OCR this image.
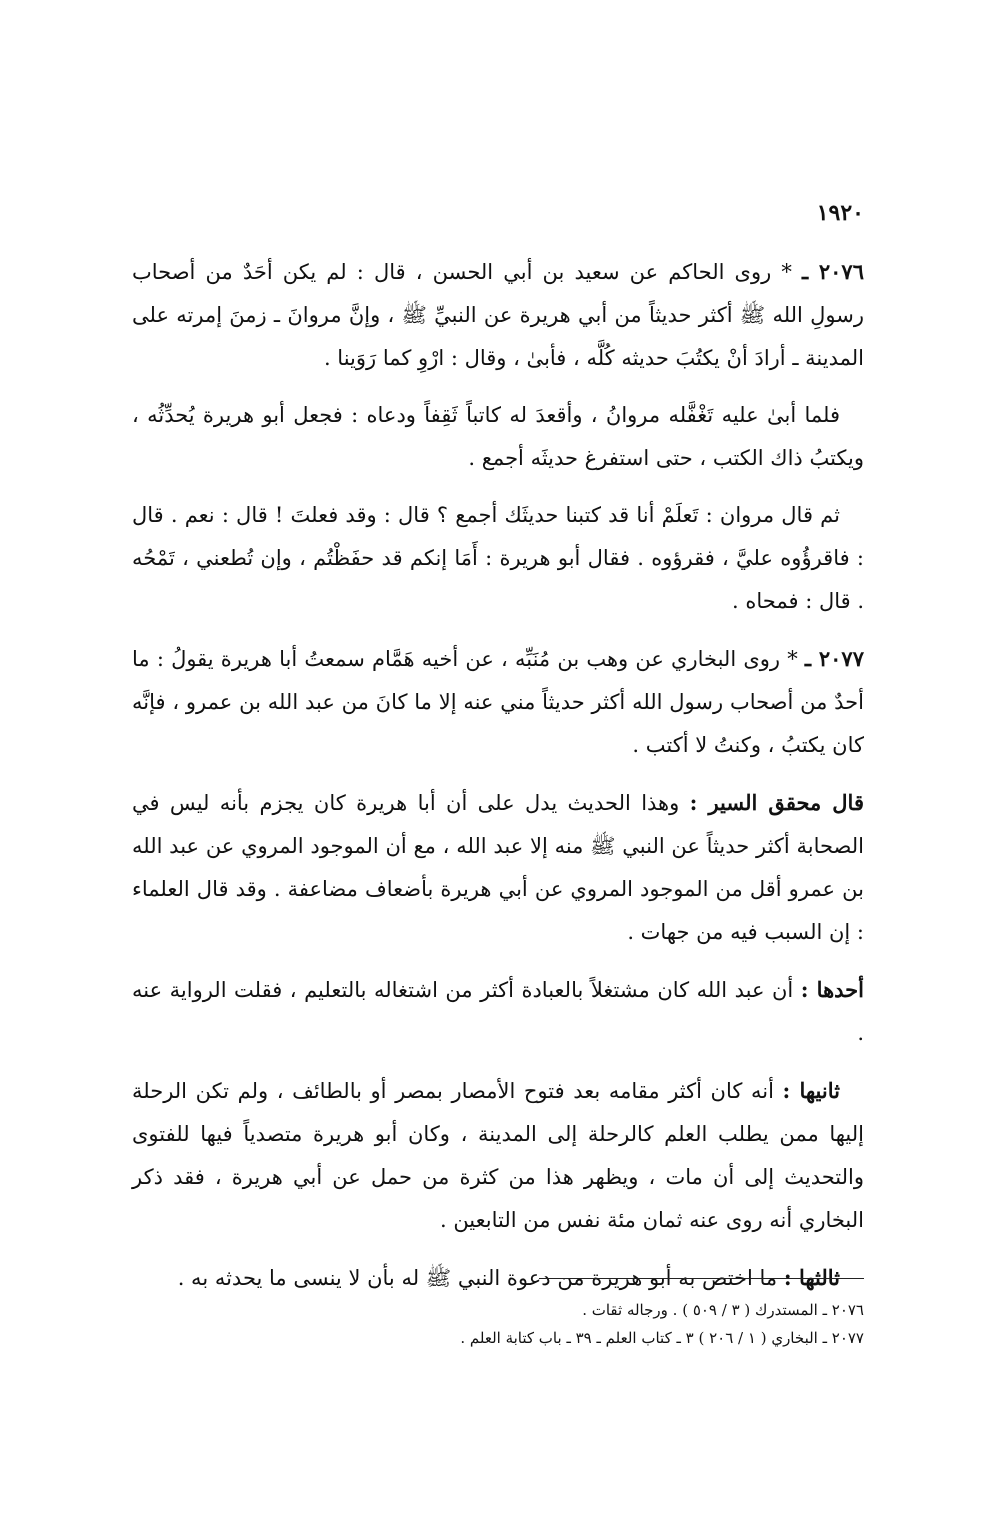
١٩٢٠

٢٠٧٦ ـ * روى الحاكم عن سعيد بن أبي الحسن ، قال : لم يكن أحَدٌ من أصحاب رسولِ الله ﷺ أكثر حديثاً من أبي هريرة عن النبيِّ ﷺ ، وإنَّ مروانَ ـ زمنَ إمرته على المدينة ـ أرادَ أنْ يكتُبَ حديثه كُلَّه ، فأبىٰ ، وقال : ارْوِ كما رَوَينا .

فلما أبىٰ عليه تَغْفَّله مروانُ ، وأقعدَ له كاتباً ثَقِفاً ودعاه : فجعل أبو هريرة يُحدِّثُه ، ويكتبُ ذاك الكتب ، حتى استفرغ حديثَه أجمع .

ثم قال مروان : تَعلَمْ أنا قد كتبنا حديثَك أجمع ؟ قال : وقد فعلتَ ! قال : نعم . قال : فاقرؤُوه عليَّ ، فقرؤوه . فقال أبو هريرة : أَمَا إنكم قد حفَظْتُم ، وإن تُطعني ، تَمْحُه . قال : فمحاه .

٢٠٧٧ ـ * روى البخاري عن وهب بن مُنَبِّه ، عن أخيه هَمَّام سمعتُ أبا هريرة يقولُ : ما أحدٌ من أصحاب رسول الله أكثر حديثاً مني عنه إلا ما كانَ من عبد الله بن عمرو ، فإنَّه كان يكتبُ ، وكنتُ لا أكتب .

قال محقق السير : وهذا الحديث يدل على أن أبا هريرة كان يجزم بأنه ليس في الصحابة أكثر حديثاً عن النبي ﷺ منه إلا عبد الله ، مع أن الموجود المروي عن عبد الله بن عمرو أقل من الموجود المروي عن أبي هريرة بأضعاف مضاعفة . وقد قال العلماء : إن السبب فيه من جهات .

أحدها : أن عبد الله كان مشتغلاً بالعبادة أكثر من اشتغاله بالتعليم ، فقلت الرواية عنه .

ثانيها : أنه كان أكثر مقامه بعد فتوح الأمصار بمصر أو بالطائف ، ولم تكن الرحلة إليها ممن يطلب العلم كالرحلة إلى المدينة ، وكان أبو هريرة متصدياً فيها للفتوى والتحديث إلى أن مات ، ويظهر هذا من كثرة من حمل عن أبي هريرة ، فقد ذكر البخاري أنه روى عنه ثمان مئة نفس من التابعين .

ثالثها : ما اختص به أبو هريرة من دعوة النبي ﷺ له بأن لا ينسى ما يحدثه به .

٢٠٧٦ ـ المستدرك ( ٣ / ٥٠٩ ) . ورجاله ثقات .

٢٠٧٧ ـ البخاري ( ١ / ٢٠٦ ) ٣ ـ كتاب العلم ـ ٣٩ ـ باب كتابة العلم .
